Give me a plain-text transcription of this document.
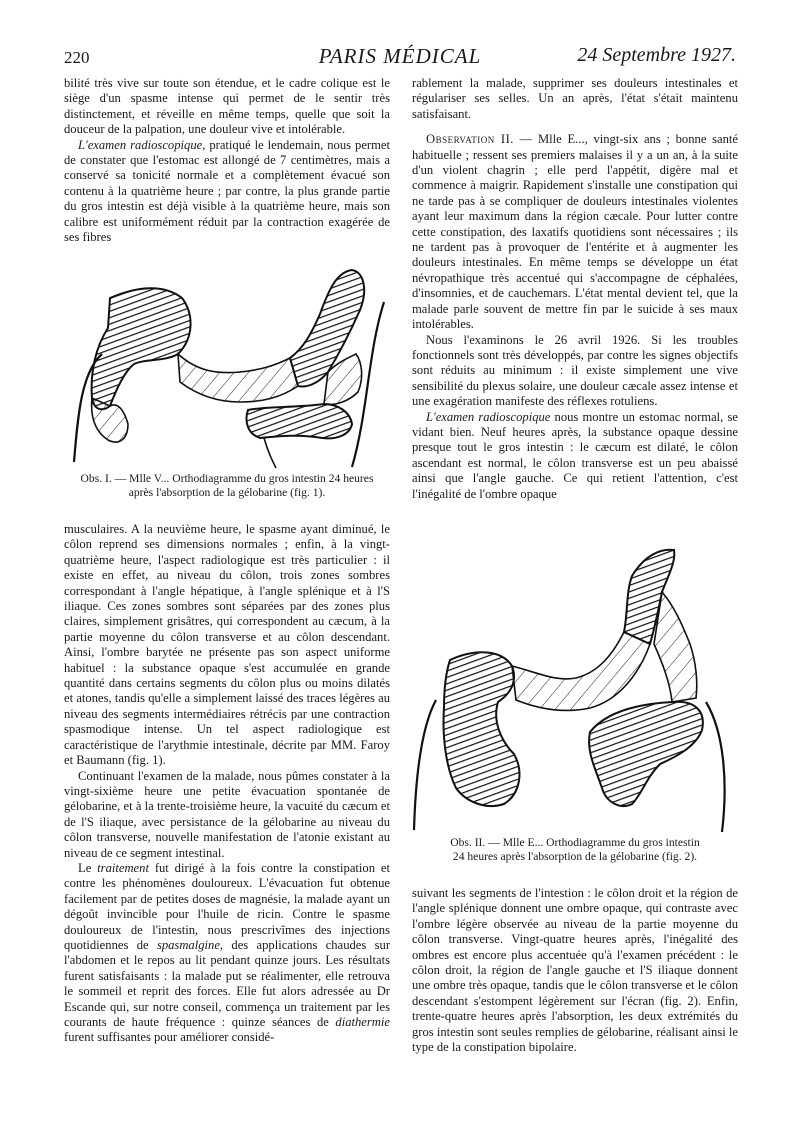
220	PARIS MÉDICAL	24 Septembre 1927.

bilité très vive sur toute son étendue, et le cadre colique est le siège d'un spasme intense qui permet de le sentir très distinctement, et réveille en même temps, quelle que soit la douceur de la palpation, une douleur vive et intolérable.

L'examen radioscopique, pratiqué le lendemain, nous permet de constater que l'estomac est allongé de 7 centimètres, mais a conservé sa tonicité normale et a complètement évacué son contenu à la quatrième heure ; par contre, la plus grande partie du gros intestin est déjà visible à la quatrième heure, mais son calibre est uniformément réduit par la contraction exagérée de ses fibres

Obs. I. — Mlle V... Orthodiagramme du gros intestin 24 heures
après l'absorption de la gélobarine (fig. 1).

musculaires. A la neuvième heure, le spasme ayant diminué, le côlon reprend ses dimensions normales ; enfin, à la vingt-quatrième heure, l'aspect radiologique est très particulier : il existe en effet, au niveau du côlon, trois zones sombres correspondant à l'angle hépatique, à l'angle splénique et à l'S iliaque. Ces zones sombres sont séparées par des zones plus claires, simplement grisâtres, qui correspondent au cæcum, à la partie moyenne du côlon transverse et au côlon descendant. Ainsi, l'ombre barytée ne présente pas son aspect uniforme habituel : la substance opaque s'est accumulée en grande quantité dans certains segments du côlon plus ou moins dilatés et atones, tandis qu'elle a simplement laissé des traces légères au niveau des segments intermédiaires rétrécis par une contraction spasmodique intense. Un tel aspect radiologique est caractéristique de l'arythmie intestinale, décrite par MM. Faroy et Baumann (fig. 1).

Continuant l'examen de la malade, nous pûmes constater à la vingt-sixième heure une petite évacuation spontanée de gélobarine, et à la trente-troisième heure, la vacuité du cæcum et de l'S iliaque, avec persistance de la gélobarine au niveau du côlon transverse, nouvelle manifestation de l'atonie existant au niveau de ce segment intestinal.

Le traitement fut dirigé à la fois contre la constipation et contre les phénomènes douloureux. L'évacuation fut obtenue facilement par de petites doses de magnésie, la malade ayant un dégoût invincible pour l'huile de ricin. Contre le spasme douloureux de l'intestin, nous prescrivîmes des injections quotidiennes de spasmalgine, des applications chaudes sur l'abdomen et le repos au lit pendant quinze jours. Les résultats furent satisfaisants : la malade put se réalimenter, elle retrouva le sommeil et reprit des forces. Elle fut alors adressée au Dr Escande qui, sur notre conseil, commença un traitement par les courants de haute fréquence : quinze séances de diathermie furent suffisantes pour améliorer considé-

rablement la malade, supprimer ses douleurs intestinales et régulariser ses selles. Un an après, l'état s'était maintenu satisfaisant.

Observation II. — Mlle E..., vingt-six ans ; bonne santé habituelle ; ressent ses premiers malaises il y a un an, à la suite d'un violent chagrin ; elle perd l'appétit, digère mal et commence à maigrir. Rapidement s'installe une constipation qui ne tarde pas à se compliquer de douleurs intestinales violentes ayant leur maximum dans la région cæcale. Pour lutter contre cette constipation, des laxatifs quotidiens sont nécessaires ; ils ne tardent pas à provoquer de l'entérite et à augmenter les douleurs intestinales. En même temps se développe un état névropathique très accentué qui s'accompagne de céphalées, d'insomnies, et de cauchemars. L'état mental devient tel, que la malade parle souvent de mettre fin par le suicide à ses maux intolérables.

Nous l'examinons le 26 avril 1926. Si les troubles fonctionnels sont très développés, par contre les signes objectifs sont réduits au minimum : il existe simplement une vive sensibilité du plexus solaire, une douleur cæcale assez intense et une exagération manifeste des réflexes rotuliens.

L'examen radioscopique nous montre un estomac normal, se vidant bien. Neuf heures après, la substance opaque dessine presque tout le gros intestin : le cæcum est dilaté, le côlon ascendant est normal, le côlon transverse est un peu abaissé ainsi que l'angle gauche. Ce qui retient l'attention, c'est l'inégalité de l'ombre opaque

Obs. II. — Mlle E... Orthodiagramme du gros intestin
24 heures après l'absorption de la gélobarine (fig. 2).

suivant les segments de l'intestion : le côlon droit et la région de l'angle splénique donnent une ombre opaque, qui contraste avec l'ombre légère observée au niveau de la partie moyenne du côlon transverse. Vingt-quatre heures après, l'inégalité des ombres est encore plus accentuée qu'à l'examen précédent : le côlon droit, la région de l'angle gauche et l'S iliaque donnent une ombre très opaque, tandis que le côlon transverse et le côlon descendant s'estompent légèrement sur l'écran (fig. 2). Enfin, trente-quatre heures après l'absorption, les deux extrémités du gros intestin sont seules remplies de gélobarine, réalisant ainsi le type de la constipation bipolaire.
